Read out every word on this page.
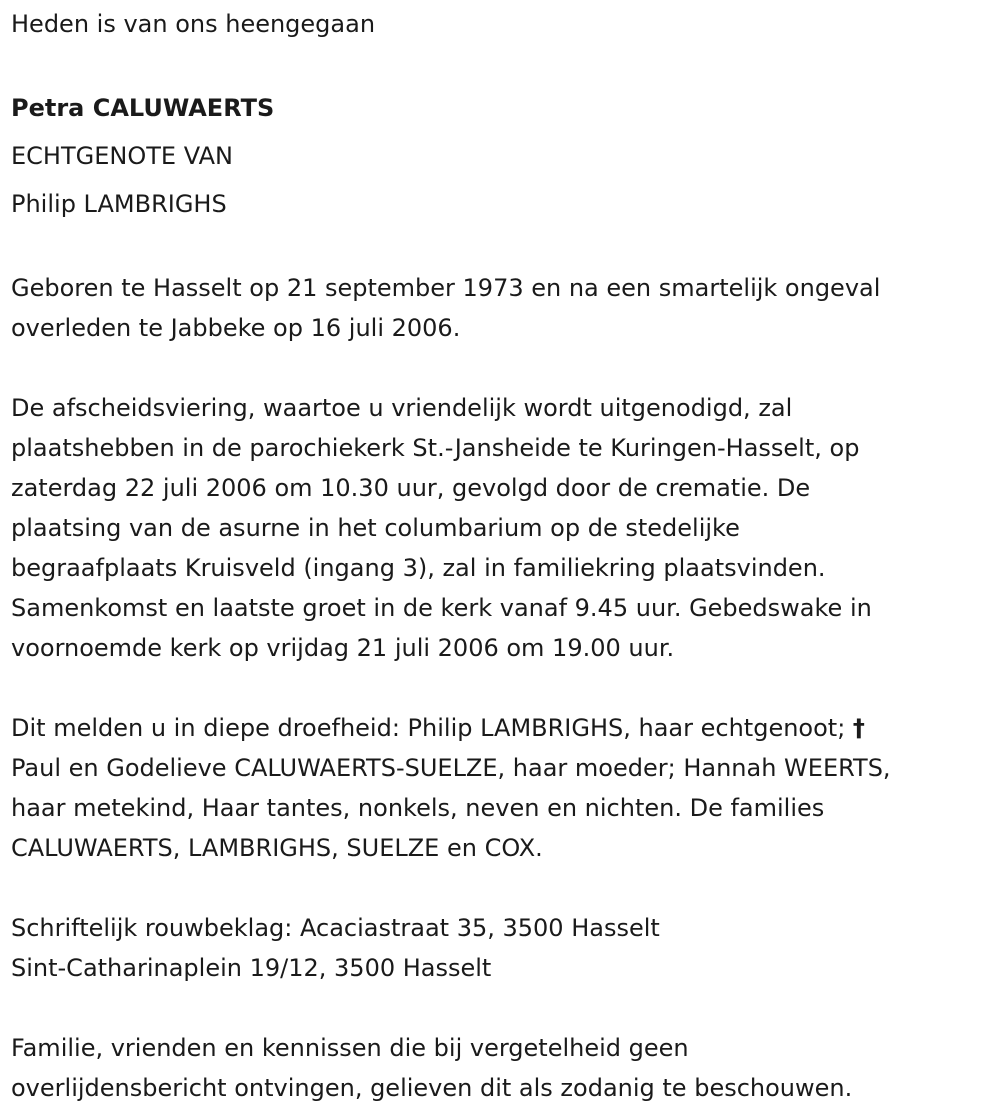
Heden is van ons heengegaan
Petra CALUWAERTS
ECHTGENOTE VAN
Philip LAMBRIGHS
Geboren te Hasselt op 21 september 1973 en na een smartelijk ongeval
overleden te Jabbeke op 16 juli 2006.
De afscheidsviering, waartoe u vriendelijk wordt uitgenodigd, zal
plaatshebben in de parochiekerk St.-Jansheide te Kuringen-Hasselt, op
zaterdag 22 juli 2006 om 10.30 uur, gevolgd door de crematie. De
plaatsing van de asurne in het columbarium op de stedelijke
begraafplaats Kruisveld (ingang 3), zal in familiekring plaatsvinden.
Samenkomst en laatste groet in de kerk vanaf 9.45 uur. Gebedswake in
voornoemde kerk op vrijdag 21 juli 2006 om 19.00 uur.
Dit melden u in diepe droefheid: Philip LAMBRIGHS, haar echtgenoot; †
Paul en Godelieve CALUWAERTS-SUELZE, haar moeder; Hannah WEERTS,
haar metekind, Haar tantes, nonkels, neven en nichten. De families
CALUWAERTS, LAMBRIGHS, SUELZE en COX.
Schriftelijk rouwbeklag: Acaciastraat 35, 3500 Hasselt
Sint-Catharinaplein 19/12, 3500 Hasselt
Familie, vrienden en kennissen die bij vergetelheid geen
overlijdensbericht ontvingen, gelieven dit als zodanig te beschouwen.
